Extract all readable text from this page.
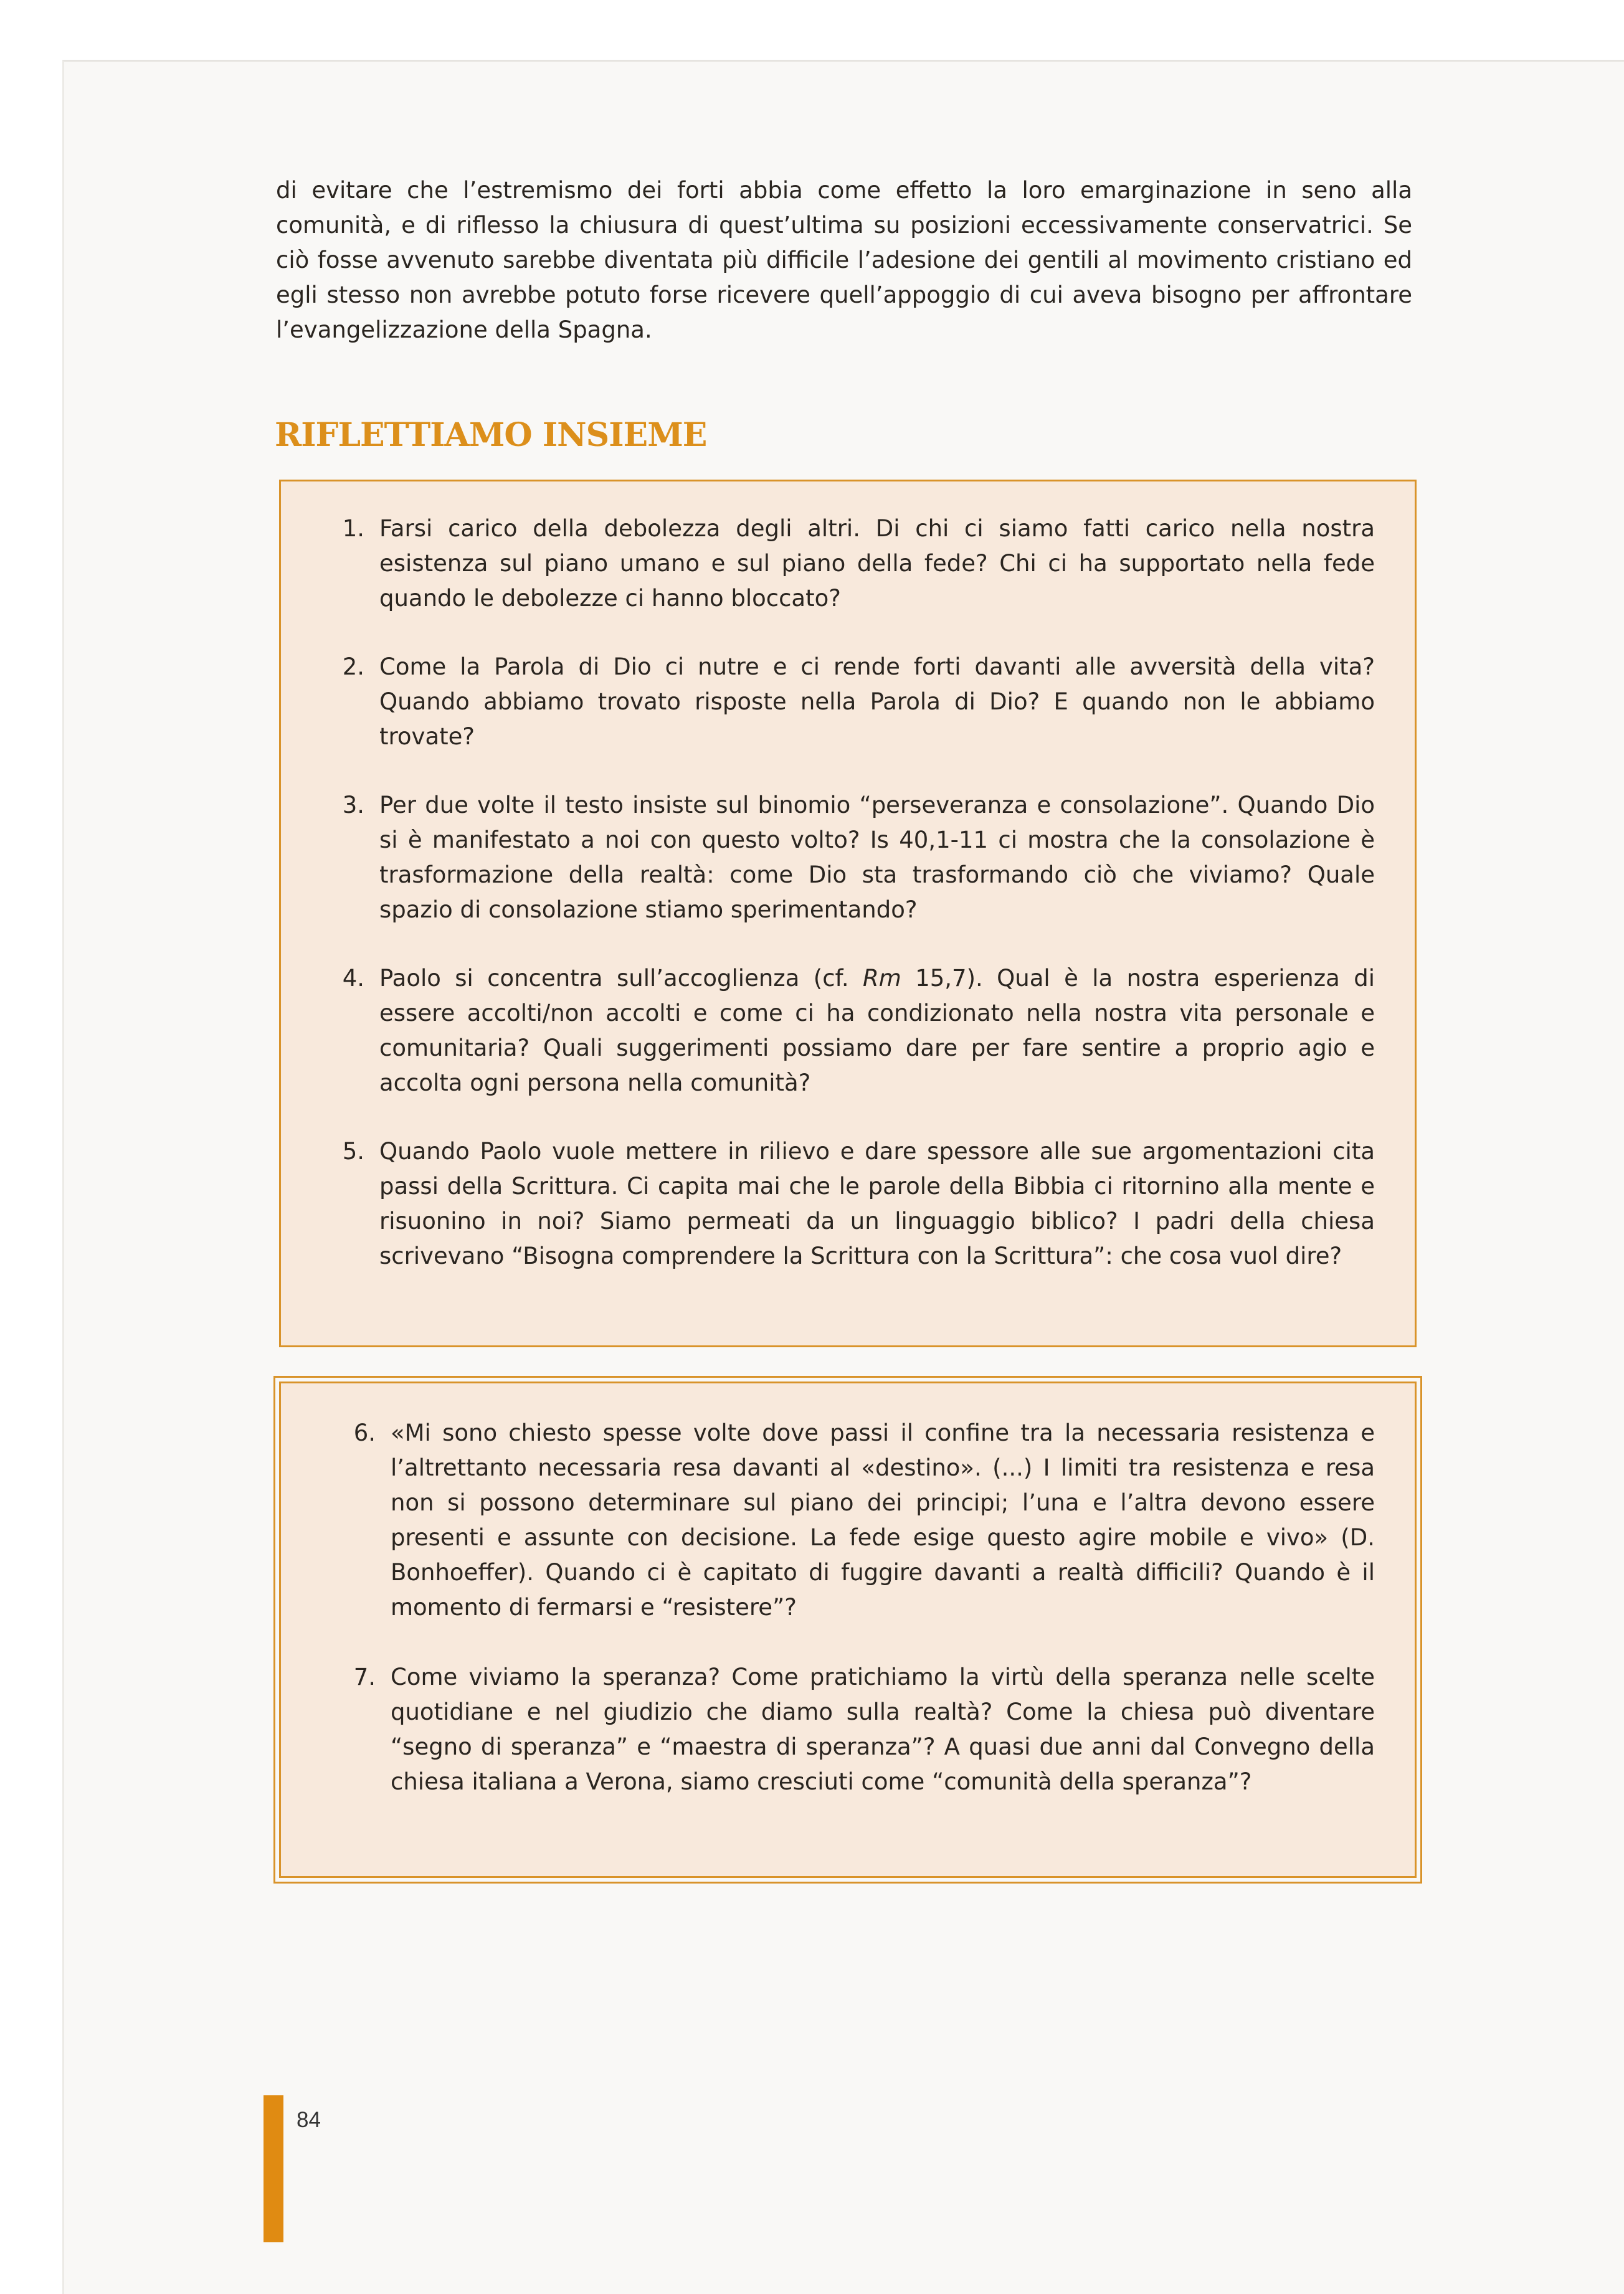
di evitare che l’estremismo dei forti abbia come effetto la loro emarginazione in seno alla comunità, e di riflesso la chiusura di quest’ultima su posizioni eccessivamente conservatrici. Se ciò fosse avvenuto sarebbe diventata più difficile l’adesione dei gentili al movimento cristiano ed egli stesso non avrebbe potuto forse ricevere quell’appoggio di cui aveva bisogno per affrontare l’evangelizzazione della Spagna.

RIFLETTIAMO INSIEME
1. Farsi carico della debolezza degli altri. Di chi ci siamo fatti carico nella nostra esistenza sul piano umano e sul piano della fede? Chi ci ha supportato nella fede quando le debolezze ci hanno bloccato?
2. Come la Parola di Dio ci nutre e ci rende forti davanti alle avversità della vita? Quando abbiamo trovato risposte nella Parola di Dio? E quando non le abbiamo trovate?
3. Per due volte il testo insiste sul binomio “perseveranza e consolazione”. Quando Dio si è manifestato a noi con questo volto? Is 40,1-11 ci mostra che la consolazione è trasformazione della realtà: come Dio sta trasformando ciò che viviamo? Quale spazio di consolazione stiamo sperimentando?
4. Paolo si concentra sull’accoglienza (cf. Rm 15,7). Qual è la nostra esperienza di essere accolti/non accolti e come ci ha condizionato nella nostra vita personale e comunitaria? Quali suggerimenti possiamo dare per fare sentire a proprio agio e accolta ogni persona nella comunità?
5. Quando Paolo vuole mettere in rilievo e dare spessore alle sue argomentazioni cita passi della Scrittura. Ci capita mai che le parole della Bibbia ci ritornino alla mente e risuonino in noi? Siamo permeati da un linguaggio biblico? I padri della chiesa scrivevano “Bisogna comprendere la Scrittura con la Scrittura”: che cosa vuol dire?
6. «Mi sono chiesto spesse volte dove passi il confine tra la necessaria resistenza e l’altrettanto necessaria resa davanti al «destino». (...) I limiti tra resistenza e resa non si possono determinare sul piano dei principi; l’una e l’altra devono essere presenti e assunte con decisione. La fede esige questo agire mobile e vivo» (D. Bonhoeffer). Quando ci è capitato di fuggire davanti a realtà difficili? Quando è il momento di fermarsi e “resistere”?
7. Come viviamo la speranza? Come pratichiamo la virtù della speranza nelle scelte quotidiane e nel giudizio che diamo sulla realtà? Come la chiesa può diventare “segno di speranza” e “maestra di speranza”? A quasi due anni dal Convegno della chiesa italiana a Verona, siamo cresciuti come “comunità della speranza”?
84
